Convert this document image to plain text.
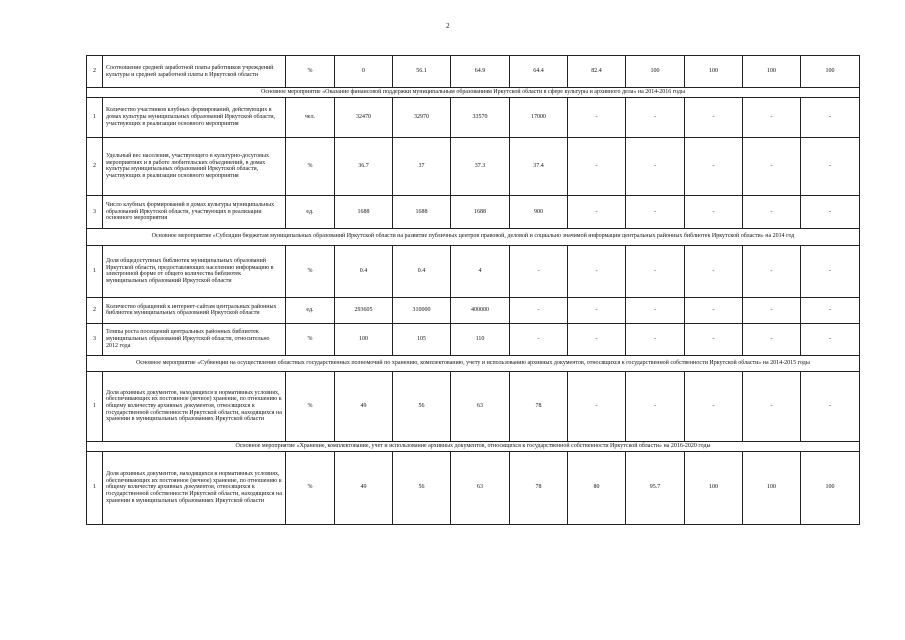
2
2	Соотношение средней заработной платы работников учреждений культуры и средней заработной платы в Иркутской области	%	0	56.1	64.9	64.4	82.4	100	100	100	100
Основное мероприятие «Оказание финансовой поддержки муниципальным образованиям Иркутской области в сфере культуры и архивного дела» на 2014-2016 годы											
1	Количество участников клубных формирований, действующих в домах культуры муниципальных образований Иркутской области, участвующих в реализации основного мероприятия	чел.	32470	32970	33570	17000	-	-	-	-	-
2	Удельный вес населения, участвующего в культурно-досуговых мероприятиях и в работе любительских объединений, в домах культуры муниципальных образований Иркутской области, участвующих в реализации основного мероприятия	%	36.7	37	37.3	37.4	-	-	-	-	-
3	Число клубных формирований в домах культуры муниципальных образований Иркутской области, участвующих в реализации основного мероприятия	ед.	1688	1688	1688	900	-	-	-	-	-
Основное мероприятие «Субсидии бюджетам муниципальных образований Иркутской области на развитие публичных центров правовой, деловой и социально значимой информации центральных районных библиотек Иркутской области» на 2014 год											
1	Доля общедоступных библиотек муниципальных образований Иркутской области, предоставляющих населению информацию в электронной форме от общего количества библиотек муниципальных образований Иркутской области	%	0.4	0.4	4	-	-	-	-	-	-
2	Количество обращений к интернет-сайтам центральных районных библиотек муниципальных образований Иркутской области	ед.	293605	310000	400000	-	-	-	-	-	-
3	Темпы роста посещений центральных районных библиотек муниципальных образований Иркутской области, относительно 2012 года	%	100	105	110	-	-	-	-	-	-
Основное мероприятие «Субвенции на осуществление областных государственных полномочий по хранению, комплектованию, учету и использованию архивных документов, относящихся к государственной собственности Иркутской области» на 2014-2015 годы											
1	Доля архивных документов, находящихся в нормативных условиях, обеспечивающих их постоянное (вечное) хранение, по отношению к общему количеству архивных документов, относящихся к государственной собственности Иркутской области, находящихся на хранении в муниципальных образованиях Иркутской области	%	49	56	63	78	-	-	-	-	-
Основное мероприятие «Хранение, комплектование, учет и использование архивных документов, относящихся к государственной собственности Иркутской области» на 2016-2020 годы											
1	Доля архивных документов, находящихся в нормативных условиях, обеспечивающих их постоянное (вечное) хранение, по отношению к общему количеству архивных документов, относящихся к государственной собственности Иркутской области, находящихся на хранении в муниципальных образованиях Иркутской области	%	49	56	63	78	80	95.7	100	100	100
